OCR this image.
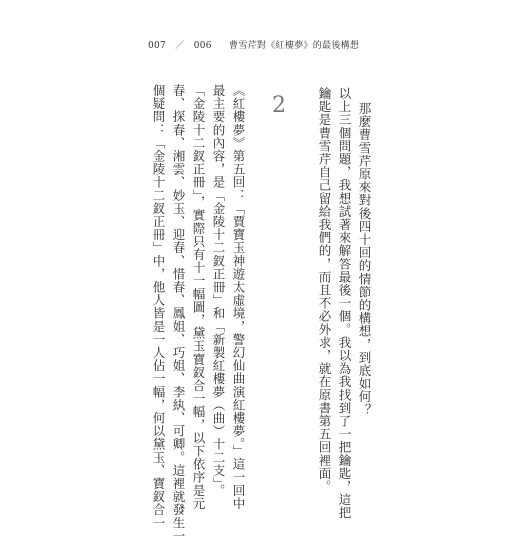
007 ／ 006 曹雪芹對《紅樓夢》的最後構想
那麼曹雪芹原來對後四十回的情節的構想，到底如何？
以上三個問題，我想試著來解答最後一個。我以為我找到了一把鑰匙，這把
鑰匙是曹雪芹自己留給我們的，而且不必外求，就在原書第五回裡面。
2
《紅樓夢》第五回：「賈寶玉神遊太虛境，警幻仙曲演紅樓夢。」這一回中
最主要的內容，是「金陵十二釵正冊」和「新製紅樓夢（曲）十二支」。
「金陵十二釵正冊」，實際只有十一幅圖，黛玉寶釵合一幅，以下依序是元
春、探春、湘雲、妙玉、迎春、惜春、鳳姐、巧姐、李紈、可卿。這裡就發生一
個疑問：「金陵十二釵正冊」中，他人皆是一人佔一幅，何以黛玉、寶釵合一
